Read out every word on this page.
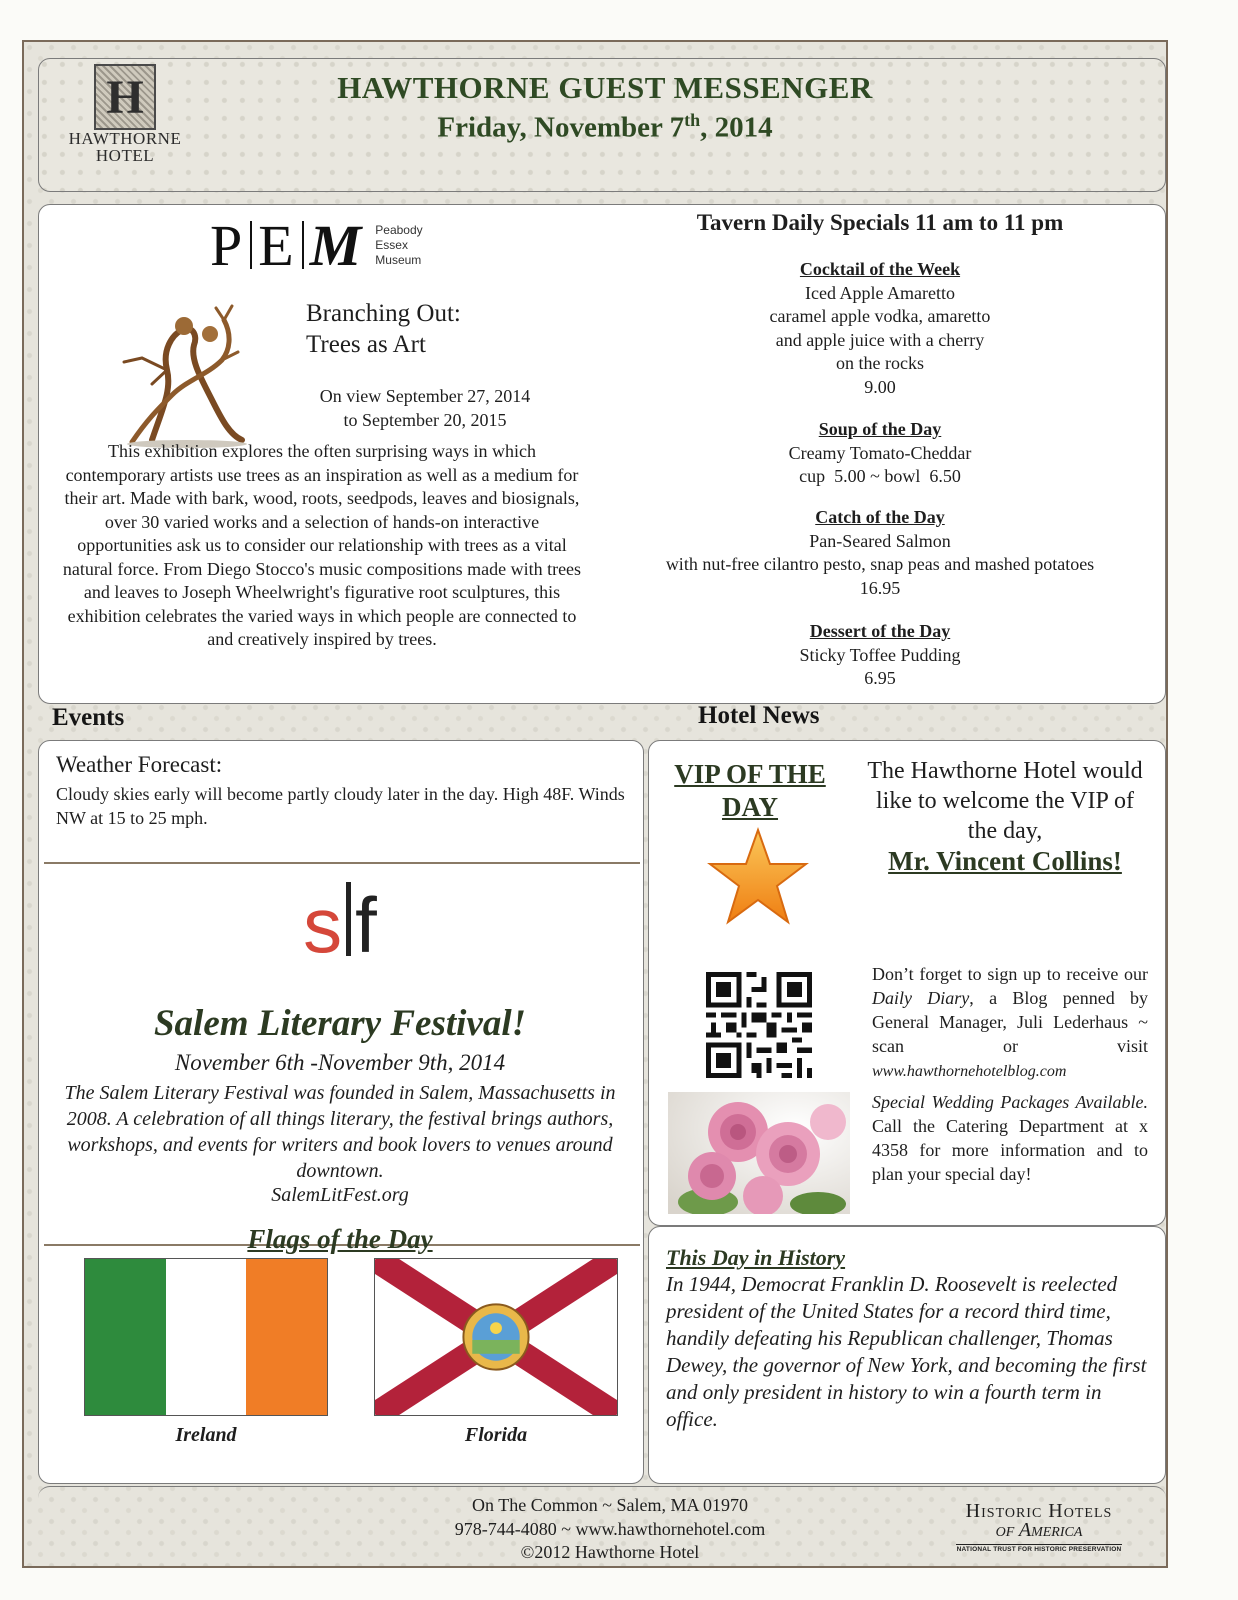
H
HAWTHORNE
HOTEL
HAWTHORNE GUEST MESSENGER
Friday, November 7th, 2014
P E M Peabody
Essex
Museum
Branching Out:
Trees as Art
On view September 27, 2014
to September 20, 2015
This exhibition explores the often surprising ways in which contemporary artists use trees as an inspiration as well as a medium for their art. Made with bark, wood, roots, seedpods, leaves and biosignals, over 30 varied works and a selection of hands-on interactive opportunities ask us to consider our relationship with trees as a vital natural force. From Diego Stocco's music compositions made with trees and leaves to Joseph Wheelwright's figurative root sculptures, this exhibition celebrates the varied ways in which people are connected to and creatively inspired by trees.
Tavern Daily Specials 11 am to 11 pm
Cocktail of the Week
Iced Apple Amaretto
caramel apple vodka, amaretto
and apple juice with a cherry
on the rocks
9.00
Soup of the Day
Creamy Tomato-Cheddar
cup  5.00 ~ bowl  6.50
Catch of the Day
Pan-Seared Salmon
with nut-free cilantro pesto, snap peas and mashed potatoes
16.95
Dessert of the Day
Sticky Toffee Pudding
6.95
Events	Hotel News
Weather Forecast:
Cloudy skies early will become partly cloudy later in the day. High 48F. Winds NW at 15 to 25 mph.
s f
Salem Literary Festival!
November 6th -November 9th, 2014
The Salem Literary Festival was founded in Salem, Massachusetts in 2008. A celebration of all things literary, the festival brings authors, workshops, and events for writers and book lovers to venues around downtown.
SalemLitFest.org
Flags of the Day
Ireland	Florida
VIP OF THE
DAY
The Hawthorne Hotel would like to welcome the VIP of the day,
Mr. Vincent Collins!
Don’t forget to sign up to receive our Daily Diary, a Blog penned by General Manager, Juli Lederhaus ~ scan or visit www.hawthornehotelblog.com
Special Wedding Packages Available. Call the Catering Department at x 4358 for more information and to plan your special day!
This Day in History
In 1944, Democrat Franklin D. Roosevelt is reelected president of the United States for a record third time, handily defeating his Republican challenger, Thomas Dewey, the governor of New York, and becoming the first and only president in history to win a fourth term in office.
On The Common ~ Salem, MA 01970
978-744-4080 ~ www.hawthornehotel.com
©2012 Hawthorne Hotel
Historic Hotels
of America
NATIONAL TRUST FOR HISTORIC PRESERVATION
